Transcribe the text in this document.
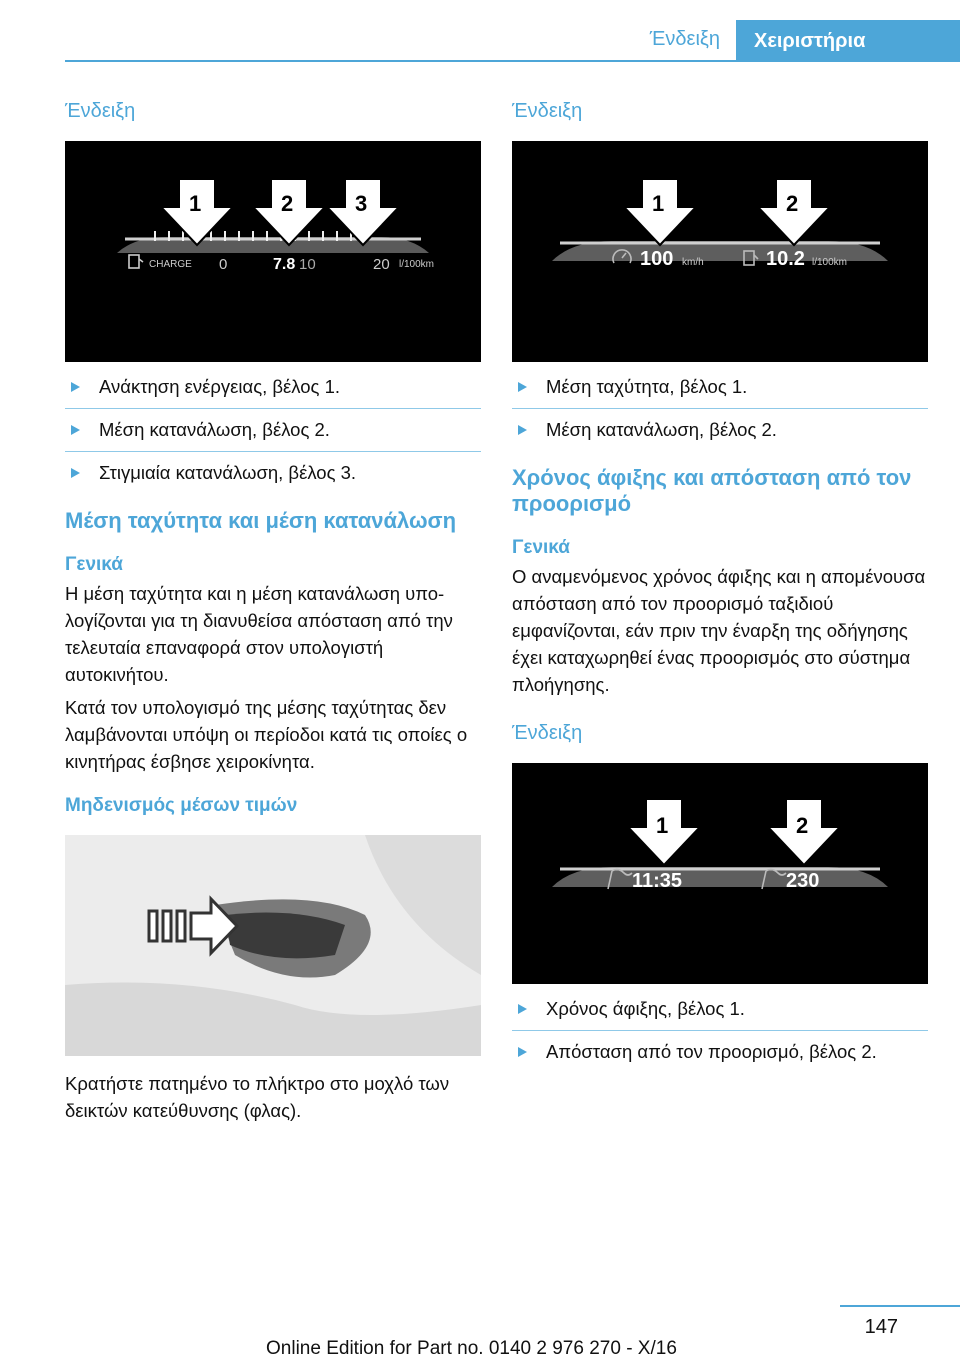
Ένδειξη	Χειριστήρια
Ένδειξη
1	2	3
CHARGE 0	7.8 10	20 l/100km
Ανάκτηση ενέργειας, βέλος 1.
Μέση κατανάλωση, βέλος 2.
Στιγμιαία κατανάλωση, βέλος 3.
Μέση ταχύτητα και μέση κατανάλωση
Γενικά

Η μέση ταχύτητα και η μέση κατανάλωση υπολογίζονται για τη διανυθείσα απόσταση από την τελευταία επαναφορά στον υπολογιστή αυτοκινήτου.

Κατά τον υπολογισμό της μέσης ταχύτητας δεν λαμβάνονται υπόψη οι περίοδοι κατά τις οποίες ο κινητήρας έσβησε χειροκίνητα.

Μηδενισμός μέσων τιμών

Κρατήστε πατημένο το πλήκτρο στο μοχλό των δεικτών κατεύθυνσης (φλας).

Ένδειξη
1	2
100 km/h	10.2 l/100km
Μέση ταχύτητα, βέλος 1.
Μέση κατανάλωση, βέλος 2.
Χρόνος άφιξης και απόσταση από τον προορισμό
Γενικά

Ο αναμενόμενος χρόνος άφιξης και η απομένουσα απόσταση από τον προορισμό ταξιδιού εμφανίζονται, εάν πριν την έναρξη της οδήγησης έχει καταχωρηθεί ένας προορισμός στο σύστημα πλοήγησης.

Ένδειξη
1	2
11:35	230
Χρόνος άφιξης, βέλος 1.
Απόσταση από τον προορισμό, βέλος 2.
147
Online Edition for Part no. 0140 2 976 270 - X/16
